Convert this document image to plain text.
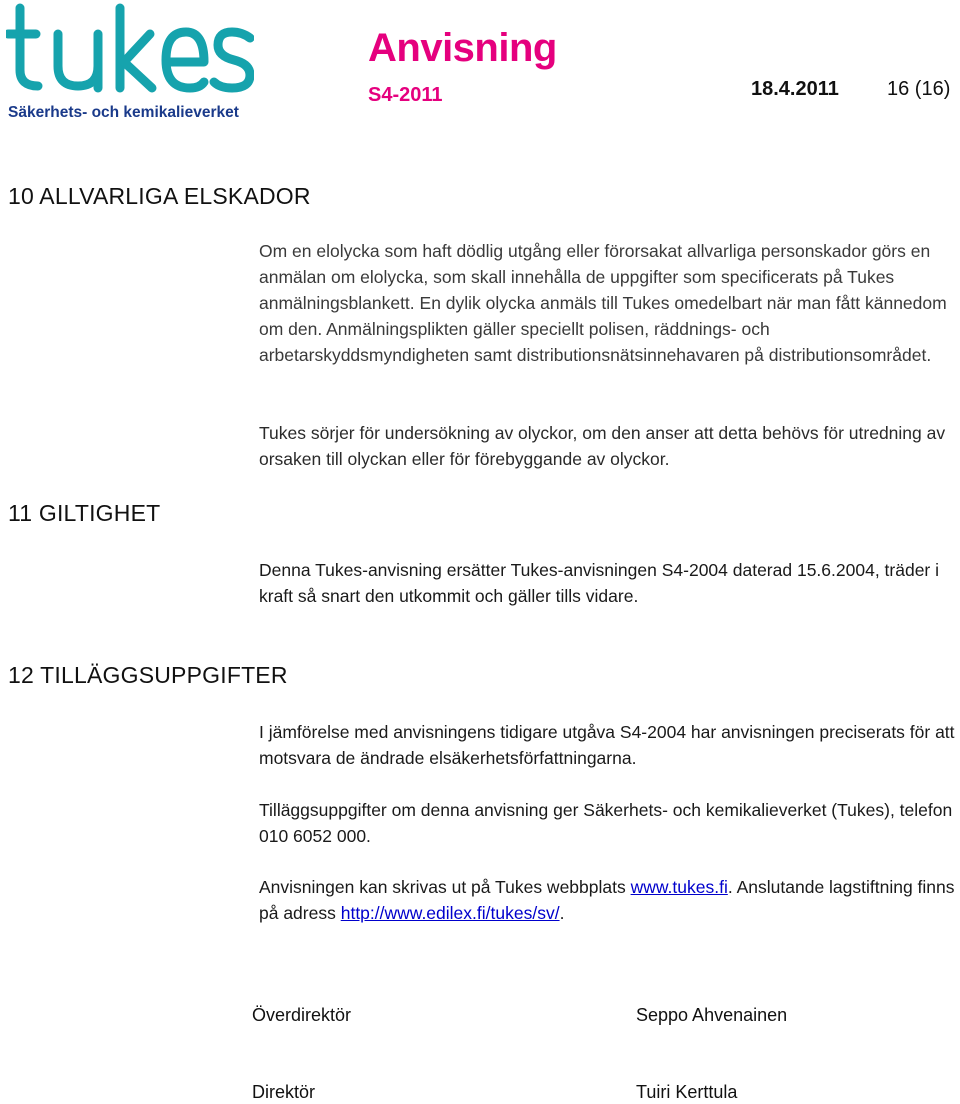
Säkerhets- och kemikalieverket
Anvisning
S4-2011	18.4.2011 16 (16)
10 ALLVARLIGA ELSKADOR

Om en elolycka som haft dödlig utgång eller förorsakat allvarliga personskador görs en anmälan om elolycka, som skall innehålla de uppgifter som specificerats på Tukes anmälningsblankett. En dylik olycka anmäls till Tukes omedelbart när man fått kännedom om den. Anmälningsplikten gäller speciellt polisen, räddnings- och arbetarskyddsmyndigheten samt distributionsnätsinnehavaren på distributionsområdet.

Tukes sörjer för undersökning av olyckor, om den anser att detta behövs för utredning av orsaken till olyckan eller för förebyggande av olyckor.

11 GILTIGHET

Denna Tukes-anvisning ersätter Tukes-anvisningen S4-2004 daterad 15.6.2004, träder i kraft så snart den utkommit och gäller tills vidare.

12 TILLÄGGSUPPGIFTER

I jämförelse med anvisningens tidigare utgåva S4-2004 har anvisningen preciserats för att motsvara de ändrade elsäkerhetsförfattningarna.

Tilläggsuppgifter om denna anvisning ger Säkerhets- och kemikalieverket (Tukes), telefon 010 6052 000.

Anvisningen kan skrivas ut på Tukes webbplats www.tukes.fi. Anslutande lagstiftning finns på adress http://www.edilex.fi/tukes/sv/.

Överdirektör	Seppo Ahvenainen
Direktör	Tuiri Kerttula
